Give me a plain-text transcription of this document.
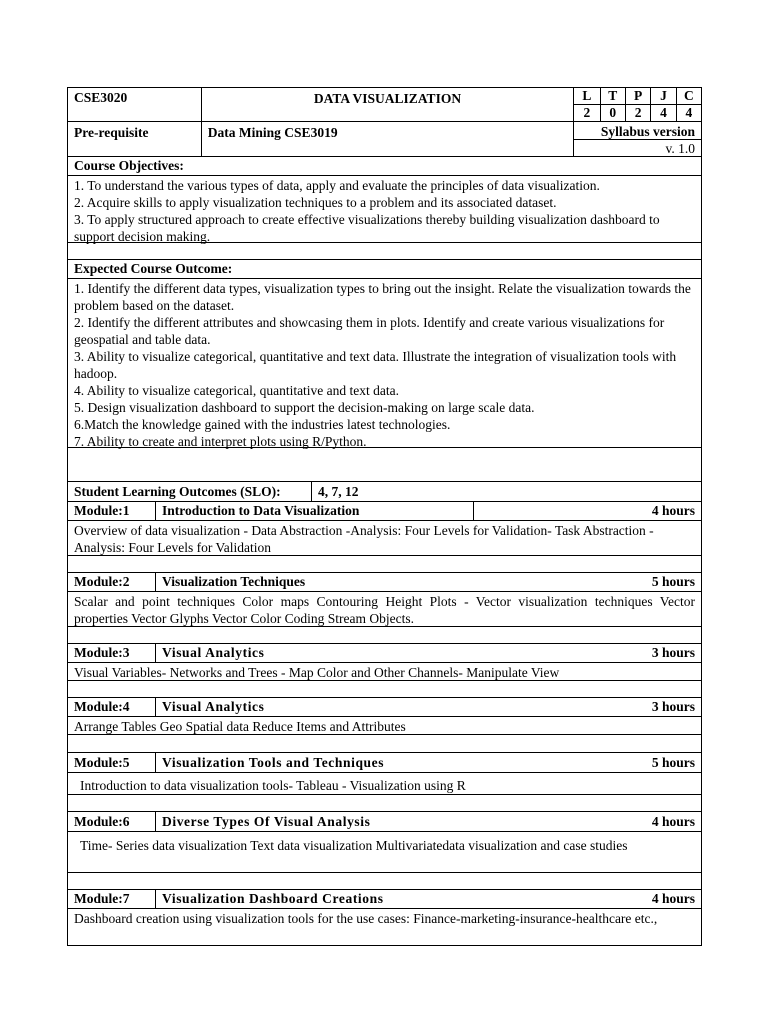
CSE3020	DATA VISUALIZATION	L	T	P	J	C
2	0	2	4	4
Pre-requisite	Data Mining CSE3019	Syllabus version
v. 1.0
Course Objectives:
1. To understand the various types of data, apply and evaluate the principles of data visualization.
2. Acquire skills to apply visualization techniques to a problem and its associated dataset.
3. To apply structured approach to create effective visualizations thereby building visualization dashboard to support decision making.
Expected Course Outcome:
1. Identify the different data types, visualization types to bring out the insight. Relate the visualization towards the problem based on the dataset.
2. Identify the different attributes and showcasing them in plots. Identify and create various visualizations for geospatial and table data.
3. Ability to visualize categorical, quantitative and text data. Illustrate the integration of visualization tools with hadoop.
4. Ability to visualize categorical, quantitative and text data.
5. Design visualization dashboard to support the decision-making on large scale data.
6.Match the knowledge gained with the industries latest technologies.
7. Ability to create and interpret plots using R/Python.
Student Learning Outcomes (SLO):	4, 7, 12
Module:1	Introduction to Data Visualization	4 hours
Overview of data visualization - Data Abstraction -Analysis: Four Levels for Validation- Task Abstraction - Analysis: Four Levels for Validation
Module:2	Visualization Techniques	5 hours
Scalar and point techniques Color maps Contouring Height Plots - Vector visualization techniques Vector properties Vector Glyphs Vector Color Coding Stream Objects.
Module:3	Visual Analytics	3 hours
Visual Variables- Networks and Trees - Map Color and Other Channels- Manipulate View
Module:4	Visual Analytics	3 hours
Arrange Tables Geo Spatial data Reduce Items and Attributes
Module:5	Visualization Tools and Techniques	5 hours
Introduction to data visualization tools- Tableau - Visualization using R
Module:6	Diverse Types Of Visual Analysis	4 hours
Time- Series data visualization Text data visualization Multivariatedata visualization and case studies
Module:7	Visualization Dashboard Creations	4 hours
Dashboard creation using visualization tools for the use cases: Finance-marketing-insurance-healthcare etc.,
